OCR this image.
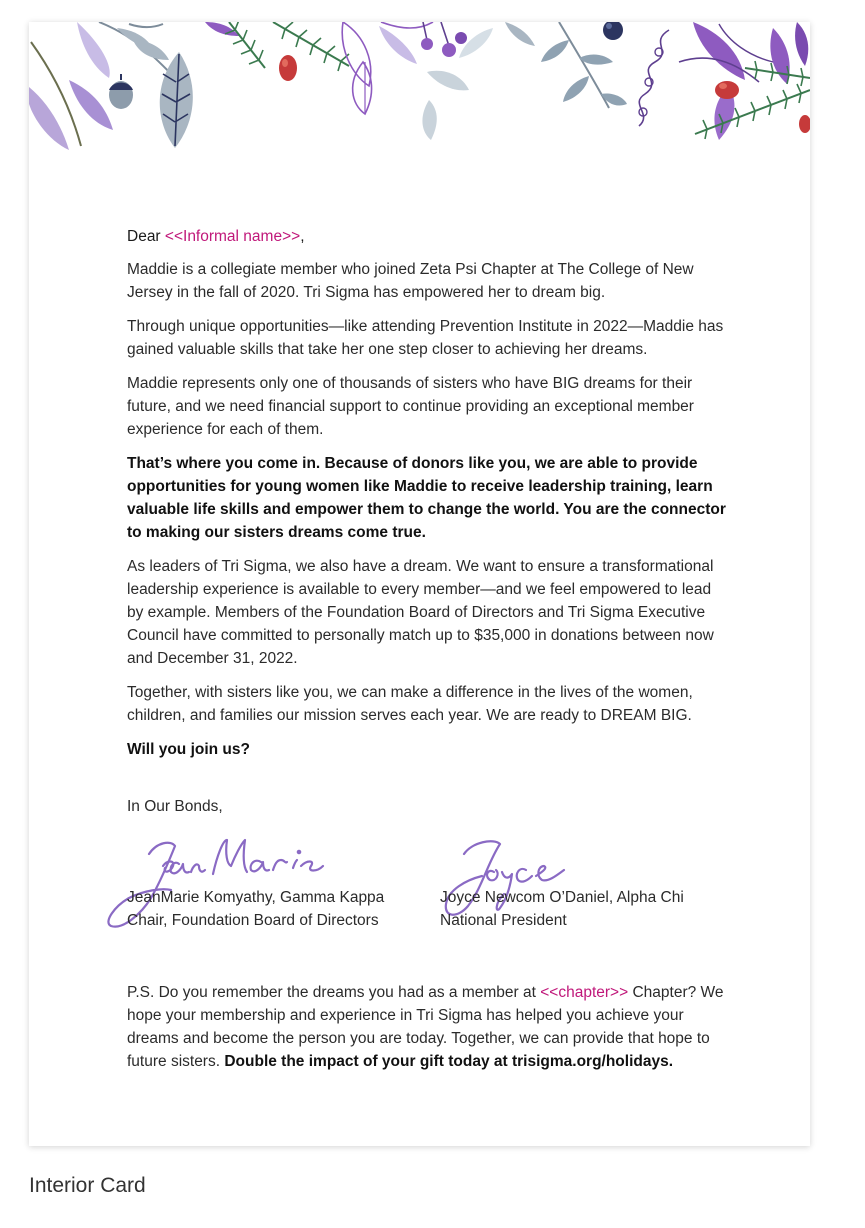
Dear <<Informal name>>,

Maddie is a collegiate member who joined Zeta Psi Chapter at The College of New Jersey in the fall of 2020. Tri Sigma has empowered her to dream big.

Through unique opportunities—like attending Prevention Institute in 2022—Maddie has gained valuable skills that take her one step closer to achieving her dreams.

Maddie represents only one of thousands of sisters who have BIG dreams for their future, and we need financial support to continue providing an exceptional member experience for each of them.

That’s where you come in. Because of donors like you, we are able to provide opportunities for young women like Maddie to receive leadership training, learn valuable life skills and empower them to change the world. You are the connector to making our sisters dreams come true.

As leaders of Tri Sigma, we also have a dream. We want to ensure a transformational leadership experience is available to every member—and we feel empowered to lead by example. Members of the Foundation Board of Directors and Tri Sigma Executive Council have committed to personally match up to $35,000 in donations between now and December 31, 2022.

Together, with sisters like you, we can make a difference in the lives of the women, children, and families our mission serves each year. We are ready to DREAM BIG.

Will you join us?

In Our Bonds,

JeanMarie Komyathy, Gamma Kappa
Chair, Foundation Board of Directors
Joyce Newcom O’Daniel, Alpha Chi
National President
P.S. Do you remember the dreams you had as a member at <<chapter>> Chapter? We hope your membership and experience in Tri Sigma has helped you achieve your dreams and become the person you are today. Together, we can provide that hope to future sisters. Double the impact of your gift today at trisigma.org/holidays.
Interior Card
